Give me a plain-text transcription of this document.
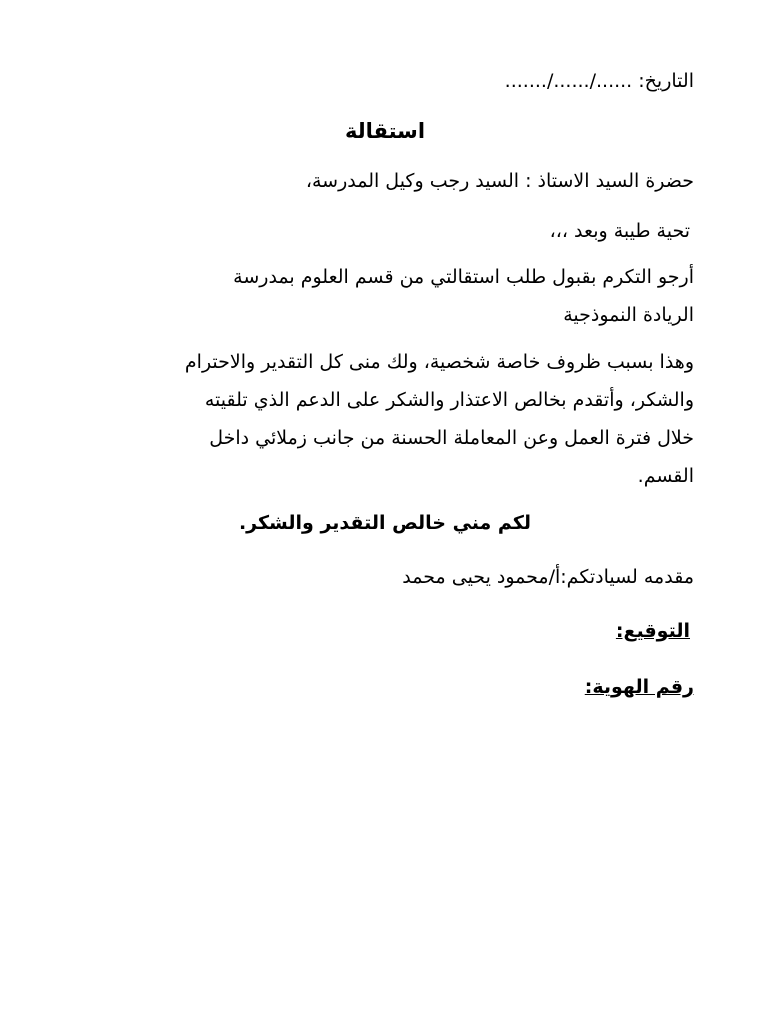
التاريخ: ....../....../.......
استقالة
حضرة السيد الاستاذ : السيد رجب وكيل المدرسة،
تحية طيبة وبعد ،،،
أرجو التكرم بقبول طلب استقالتي من قسم العلوم بمدرسة
الريادة النموذجية
وهذا بسبب ظروف خاصة شخصية، ولك منى كل التقدير والاحترام
والشكر، وأتقدم بخالص الاعتذار والشكر على الدعم الذي تلقيته
خلال فترة العمل وعن المعاملة الحسنة من جانب زملائي داخل
القسم.
لكم مني خالص التقدير والشكر.
مقدمه لسيادتكم:أ/محمود يحيى محمد
التوقيع:
رقم الهوية:
